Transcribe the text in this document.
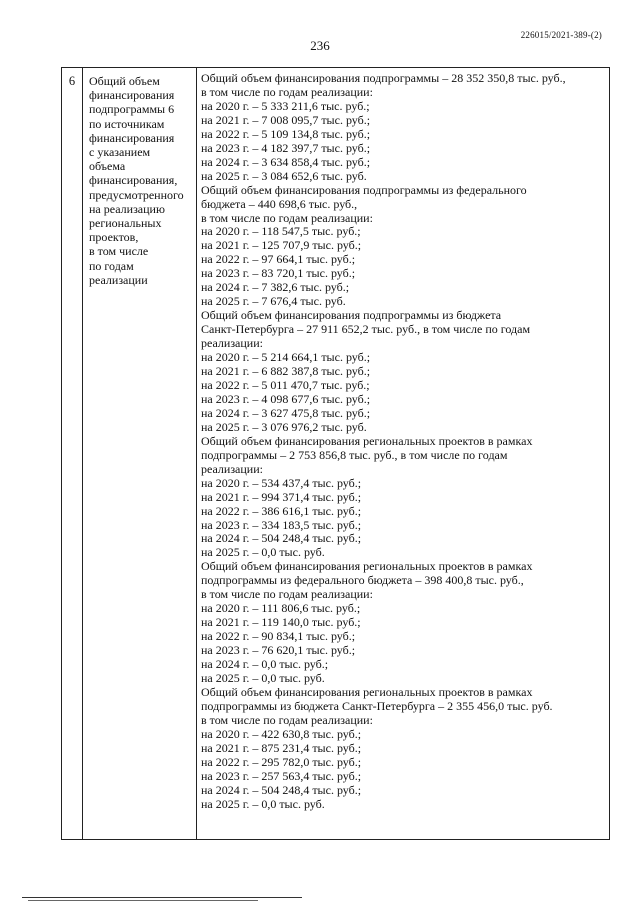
226015/2021-389-(2)
236
6	Общий объем
финансирования
подпрограммы 6
по источникам
финансирования
с указанием
объема
финансирования,
предусмотренного
на реализацию
региональных
проектов,
в том числе
по годам
реализации
Общий объем финансирования подпрограммы – 28 352 350,8 тыс. руб.,
в том числе по годам реализации:
на 2020 г. – 5 333 211,6 тыс. руб.;
на 2021 г. – 7 008 095,7 тыс. руб.;
на 2022 г. – 5 109 134,8 тыс. руб.;
на 2023 г. – 4 182 397,7 тыс. руб.;
на 2024 г. – 3 634 858,4 тыс. руб.;
на 2025 г. – 3 084 652,6 тыс. руб.
Общий объем финансирования подпрограммы из федерального
бюджета – 440 698,6 тыс. руб.,
в том числе по годам реализации:
на 2020 г. – 118 547,5 тыс. руб.;
на 2021 г. – 125 707,9 тыс. руб.;
на 2022 г. – 97 664,1 тыс. руб.;
на 2023 г. – 83 720,1 тыс. руб.;
на 2024 г. – 7 382,6 тыс. руб.;
на 2025 г. – 7 676,4 тыс. руб.
Общий объем финансирования подпрограммы из бюджета
Санкт-Петербурга – 27 911 652,2 тыс. руб., в том числе по годам
реализации:
на 2020 г. – 5 214 664,1 тыс. руб.;
на 2021 г. – 6 882 387,8 тыс. руб.;
на 2022 г. – 5 011 470,7 тыс. руб.;
на 2023 г. – 4 098 677,6 тыс. руб.;
на 2024 г. – 3 627 475,8 тыс. руб.;
на 2025 г. – 3 076 976,2 тыс. руб.
Общий объем финансирования региональных проектов в рамках
подпрограммы – 2 753 856,8 тыс. руб., в том числе по годам
реализации:
на 2020 г. – 534 437,4 тыс. руб.;
на 2021 г. – 994 371,4 тыс. руб.;
на 2022 г. – 386 616,1 тыс. руб.;
на 2023 г. – 334 183,5 тыс. руб.;
на 2024 г. – 504 248,4 тыс. руб.;
на 2025 г. – 0,0 тыс. руб.
Общий объем финансирования региональных проектов в рамках
подпрограммы из федерального бюджета – 398 400,8 тыс. руб.,
в том числе по годам реализации:
на 2020 г. – 111 806,6 тыс. руб.;
на 2021 г. – 119 140,0 тыс. руб.;
на 2022 г. – 90 834,1 тыс. руб.;
на 2023 г. – 76 620,1 тыс. руб.;
на 2024 г. – 0,0 тыс. руб.;
на 2025 г. – 0,0 тыс. руб.
Общий объем финансирования региональных проектов в рамках
подпрограммы из бюджета Санкт-Петербурга – 2 355 456,0 тыс. руб.
в том числе по годам реализации:
на 2020 г. – 422 630,8 тыс. руб.;
на 2021 г. – 875 231,4 тыс. руб.;
на 2022 г. – 295 782,0 тыс. руб.;
на 2023 г. – 257 563,4 тыс. руб.;
на 2024 г. – 504 248,4 тыс. руб.;
на 2025 г. – 0,0 тыс. руб.
